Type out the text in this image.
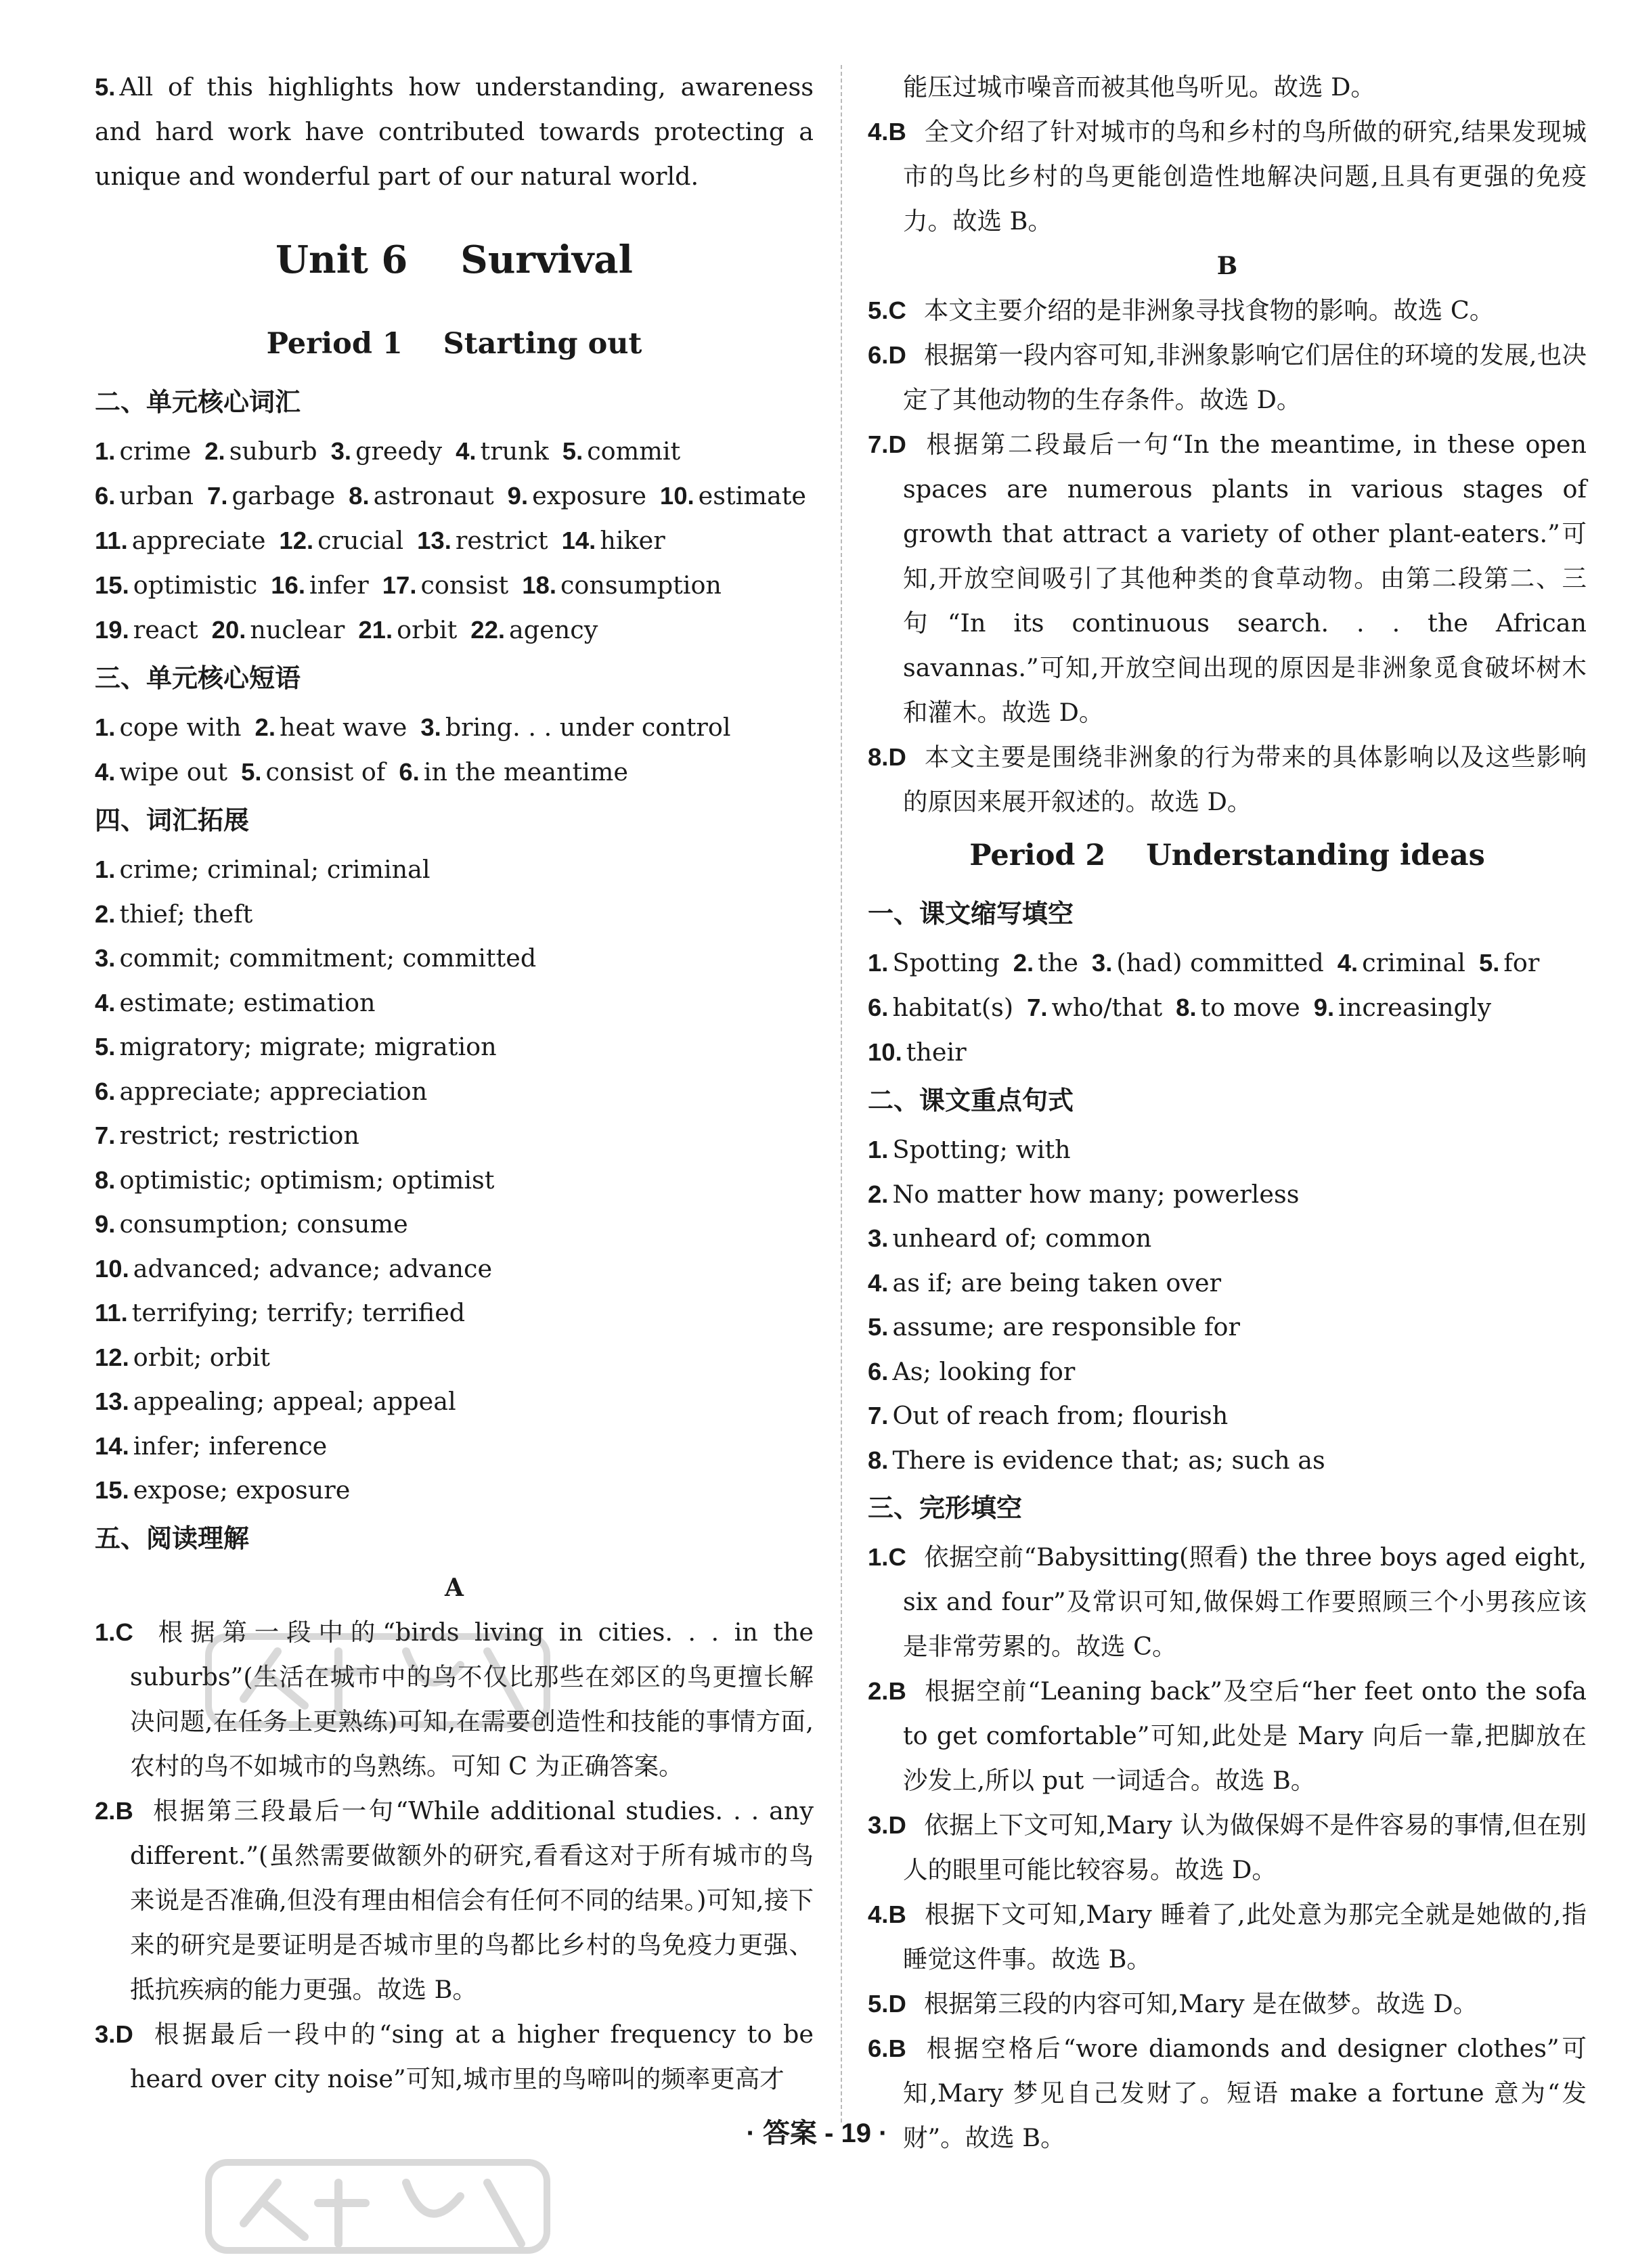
5. All of this highlights how understanding, awareness and hard work have contributed towards protecting a unique and wonderful part of our natural world.

Unit 6    Survival
Period 1    Starting out

二、单元核心词汇

1. crime 2. suburb 3. greedy 4. trunk 5. commit

6. urban 7. garbage 8. astronaut 9. exposure 10. estimate

11. appreciate 12. crucial 13. restrict 14. hiker

15. optimistic 16. infer 17. consist 18. consumption

19. react 20. nuclear 21. orbit 22. agency

三、单元核心短语

1. cope with 2. heat wave 3. bring. . . under control

4. wipe out 5. consist of 6. in the meantime

四、词汇拓展

1. crime; criminal; criminal

2. thief; theft

3. commit; commitment; committed

4. estimate; estimation

5. migratory; migrate; migration

6. appreciate; appreciation

7. restrict; restriction

8. optimistic; optimism; optimist

9. consumption; consume

10. advanced; advance; advance

11. terrifying; terrify; terrified

12. orbit; orbit

13. appealing; appeal; appeal

14. infer; inference

15. expose; exposure

五、阅读理解

A

1.C 根据第一段中的“birds living in cities. . . in the suburbs”(生活在城市中的鸟不仅比那些在郊区的鸟更擅长解决问题,在任务上更熟练)可知,在需要创造性和技能的事情方面,农村的鸟不如城市的鸟熟练。可知 C 为正确答案。

2.B 根据第三段最后一句“While additional studies. . . any different.”(虽然需要做额外的研究,看看这对于所有城市的鸟来说是否准确,但没有理由相信会有任何不同的结果。)可知,接下来的研究是要证明是否城市里的鸟都比乡村的鸟免疫力更强、抵抗疾病的能力更强。故选 B。

3.D 根据最后一段中的“sing at a higher frequency to be heard over city noise”可知,城市里的鸟啼叫的频率更高才

能压过城市噪音而被其他鸟听见。故选 D。

4.B 全文介绍了针对城市的鸟和乡村的鸟所做的研究,结果发现城市的鸟比乡村的鸟更能创造性地解决问题,且具有更强的免疫力。故选 B。

B

5.C 本文主要介绍的是非洲象寻找食物的影响。故选 C。

6.D 根据第一段内容可知,非洲象影响它们居住的环境的发展,也决定了其他动物的生存条件。故选 D。

7.D 根据第二段最后一句“In the meantime, in these open spaces are numerous plants in various stages of growth that attract a variety of other plant-eaters.”可知,开放空间吸引了其他种类的食草动物。由第二段第二、三句“In its continuous search. . . the African savannas.”可知,开放空间出现的原因是非洲象觅食破坏树木和灌木。故选 D。

8.D 本文主要是围绕非洲象的行为带来的具体影响以及这些影响的原因来展开叙述的。故选 D。

Period 2    Understanding ideas

一、课文缩写填空

1. Spotting 2. the 3. (had) committed 4. criminal 5. for

6. habitat(s) 7. who/that 8. to move 9. increasingly

10. their

二、课文重点句式

1. Spotting; with

2. No matter how many; powerless

3. unheard of; common

4. as if; are being taken over

5. assume; are responsible for

6. As; looking for

7. Out of reach from; flourish

8. There is evidence that; as; such as

三、完形填空

1.C 依据空前“Babysitting(照看) the three boys aged eight, six and four”及常识可知,做保姆工作要照顾三个小男孩应该是非常劳累的。故选 C。

2.B 根据空前“Leaning back”及空后“her feet onto the sofa to get comfortable”可知,此处是 Mary 向后一靠,把脚放在沙发上,所以 put 一词适合。故选 B。

3.D 依据上下文可知,Mary 认为做保姆不是件容易的事情,但在别人的眼里可能比较容易。故选 D。

4.B 根据下文可知,Mary 睡着了,此处意为那完全就是她做的,指睡觉这件事。故选 B。

5.D 根据第三段的内容可知,Mary 是在做梦。故选 D。

6.B 根据空格后“wore diamonds and designer clothes”可知,Mary 梦见自己发财了。短语 make a fortune 意为“发财”。故选 B。

· 答案 - 19 ·
